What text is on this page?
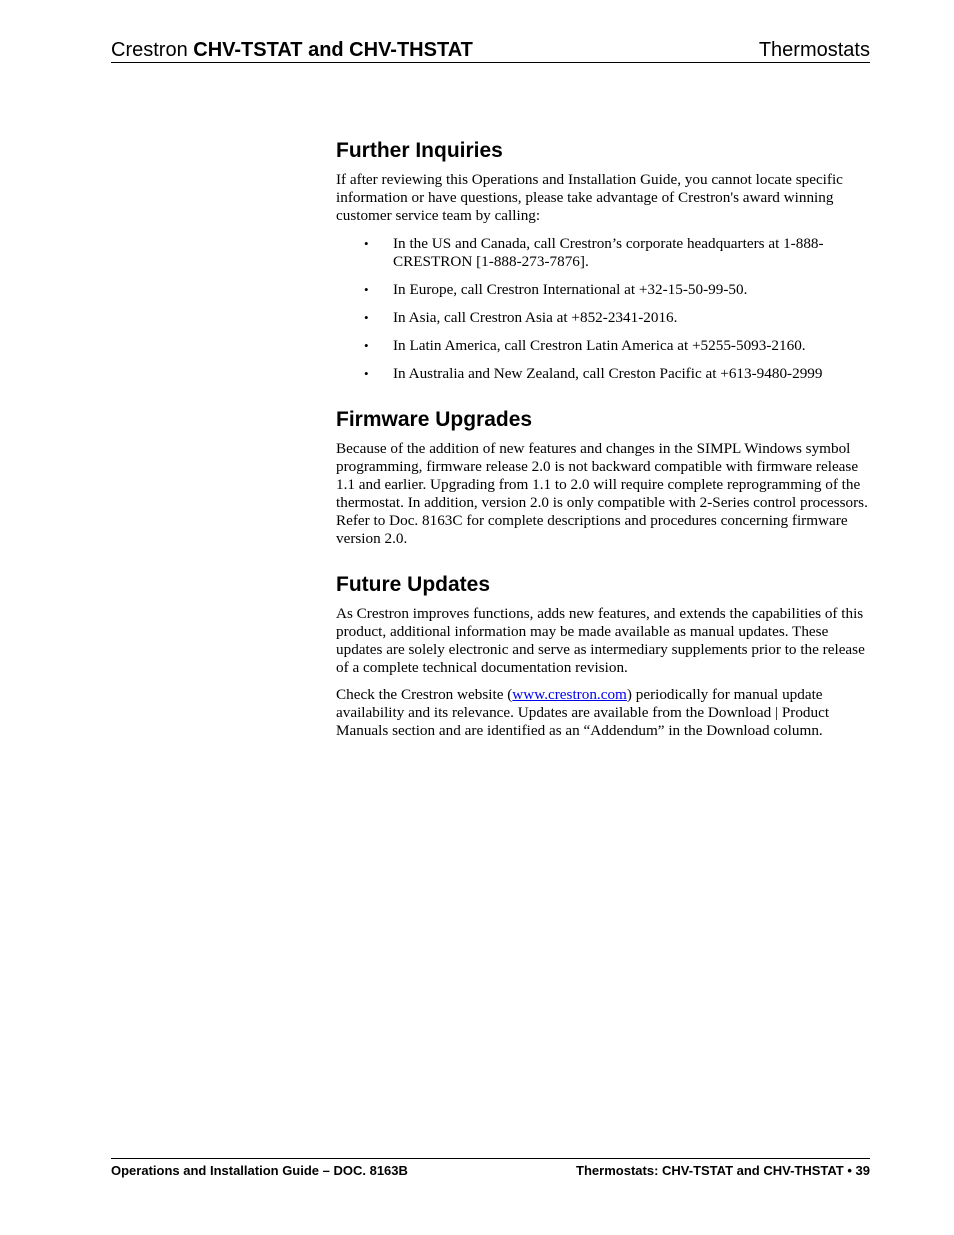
Crestron CHV-TSTAT and CHV-THSTAT	Thermostats
Further Inquiries

If after reviewing this Operations and Installation Guide, you cannot locate specific information or have questions, please take advantage of Crestron's award winning customer service team by calling:

• In the US and Canada, call Crestron’s corporate headquarters at 1-888-CRESTRON [1-888-273-7876].
• In Europe, call Crestron International at +32-15-50-99-50.
• In Asia, call Crestron Asia at +852-2341-2016.
• In Latin America, call Crestron Latin America at +5255-5093-2160.
• In Australia and New Zealand, call Creston Pacific at +613-9480-2999
Firmware Upgrades

Because of the addition of new features and changes in the SIMPL Windows symbol programming, firmware release 2.0 is not backward compatible with firmware release 1.1 and earlier. Upgrading from 1.1 to 2.0 will require complete reprogramming of the thermostat. In addition, version 2.0 is only compatible with 2-Series control processors. Refer to Doc. 8163C for complete descriptions and procedures concerning firmware version 2.0.

Future Updates

As Crestron improves functions, adds new features, and extends the capabilities of this product, additional information may be made available as manual updates. These updates are solely electronic and serve as intermediary supplements prior to the release of a complete technical documentation revision.

Check the Crestron website (www.crestron.com) periodically for manual update availability and its relevance. Updates are available from the Download | Product Manuals section and are identified as an “Addendum” in the Download column.

Operations and Installation Guide – DOC. 8163B	Thermostats: CHV-TSTAT and CHV-THSTAT • 39
